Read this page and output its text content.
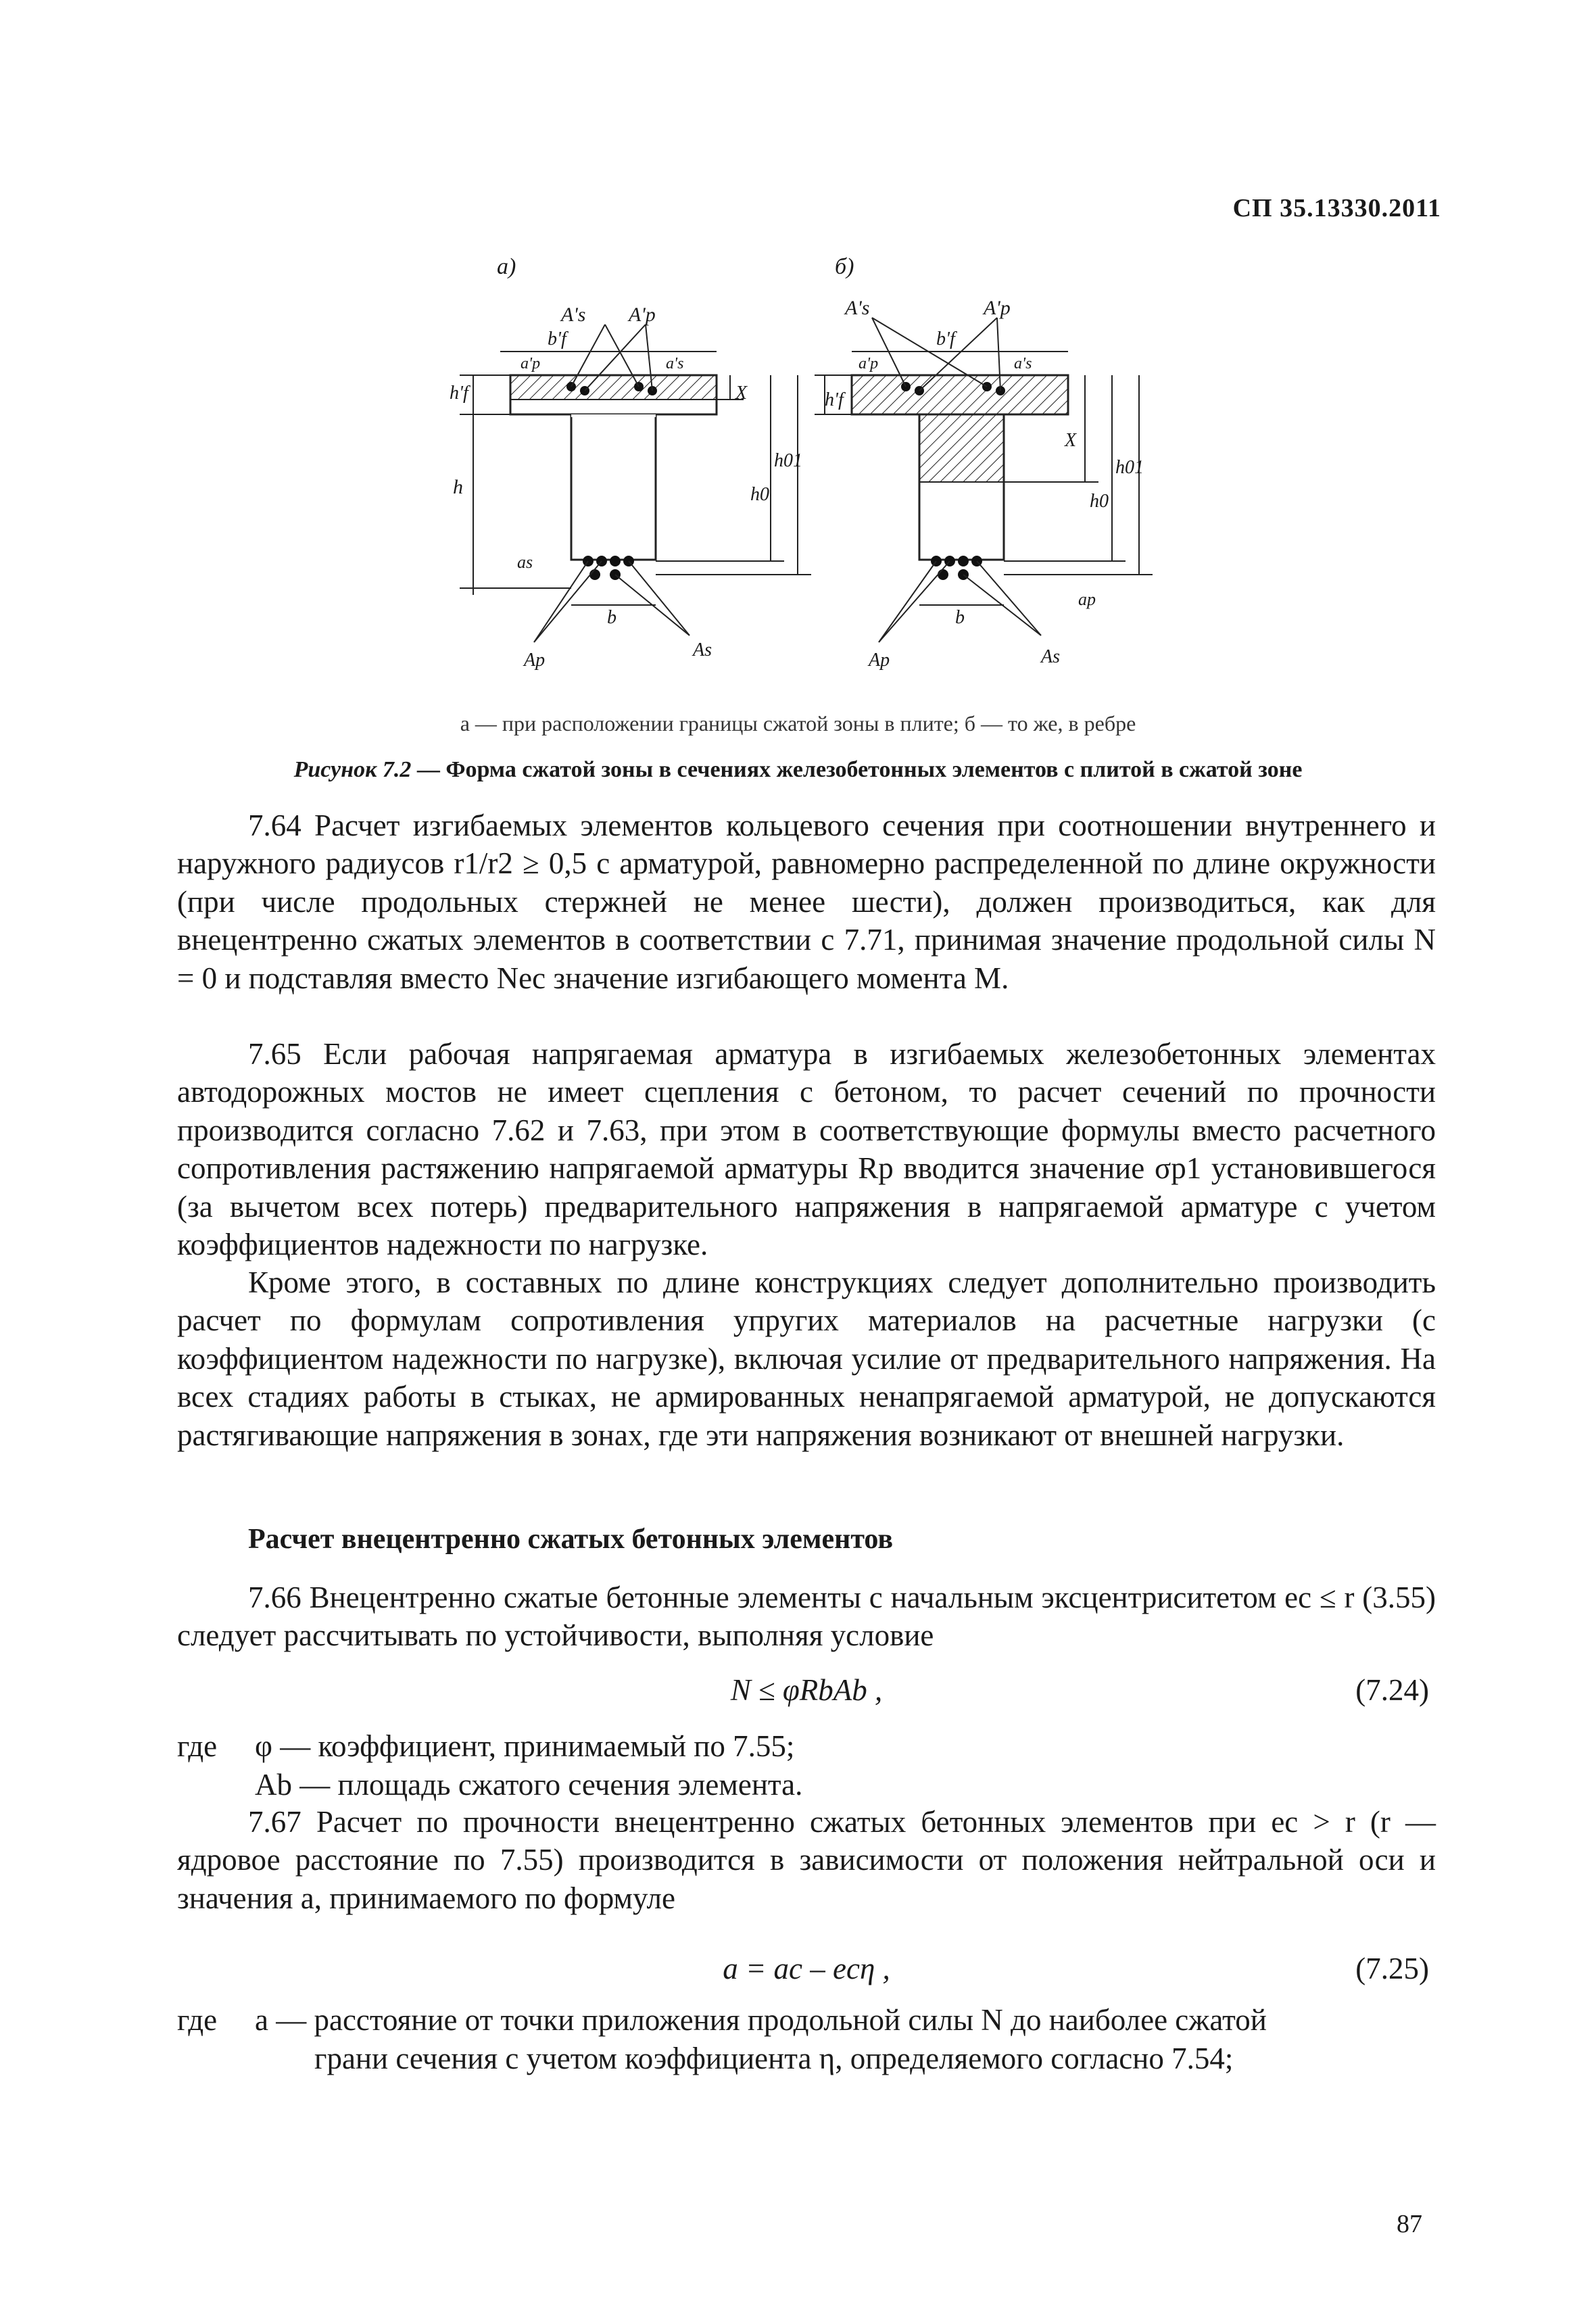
СП 35.13330.2011
а)
A's A'p
b'f
a'p	a's
h'f	X
h	h0
h01
as
b
Ap	As
б)
A's	A'p
b'f
a'p	a's
h'f
X
h0
h01
ap
b
Ap	As
а — при расположении границы сжатой зоны в плите; б — то же, в ребре
Рисунок 7.2 — Форма сжатой зоны в сечениях железобетонных элементов с плитой в сжатой зоне

7.64 Расчет изгибаемых элементов кольцевого сечения при соотношении внутреннего и наружного радиусов r1/r2 ≥ 0,5 с арматурой, равномерно распределенной по длине окружности (при числе продольных стержней не менее шести), должен производиться, как для внецентренно сжатых элементов в соответствии с 7.71, принимая значение продольной силы N = 0 и подставляя вместо Nec значение изгибающего момента M.

7.65 Если рабочая напрягаемая арматура в изгибаемых железобетонных элементах автодорожных мостов не имеет сцепления с бетоном, то расчет сечений по прочности производится согласно 7.62 и 7.63, при этом в соответствующие формулы вместо расчетного сопротивления растяжению напрягаемой арматуры Rp вводится значение σp1 установившегося (за вычетом всех потерь) предварительного напряжения в напрягаемой арматуре с учетом коэффициентов надежности по нагрузке.

Кроме этого, в составных по длине конструкциях следует дополнительно производить расчет по формулам сопротивления упругих материалов на расчетные нагрузки (с коэффициентом надежности по нагрузке), включая усилие от предварительного напряжения. На всех стадиях работы в стыках, не армированных ненапрягаемой арматурой, не допускаются растягивающие напряжения в зонах, где эти напряжения возникают от внешней нагрузки.

Расчет внецентренно сжатых бетонных элементов

7.66 Внецентренно сжатые бетонные элементы с начальным эксцентриситетом ec ≤ r (3.55) следует рассчитывать по устойчивости, выполняя условие

N ≤ φRbAb ,	(7.24)
где φ — коэффициент, принимаемый по 7.55;
Ab — площадь сжатого сечения элемента.

7.67 Расчет по прочности внецентренно сжатых бетонных элементов при ec > r (r — ядровое расстояние по 7.55) производится в зависимости от положения нейтральной оси и значения a, принимаемого по формуле

a = ac – ecη ,	(7.25)
где a — расстояние от точки приложения продольной силы N до наиболее сжатой
грани сечения с учетом коэффициента η, определяемого согласно 7.54;
87
